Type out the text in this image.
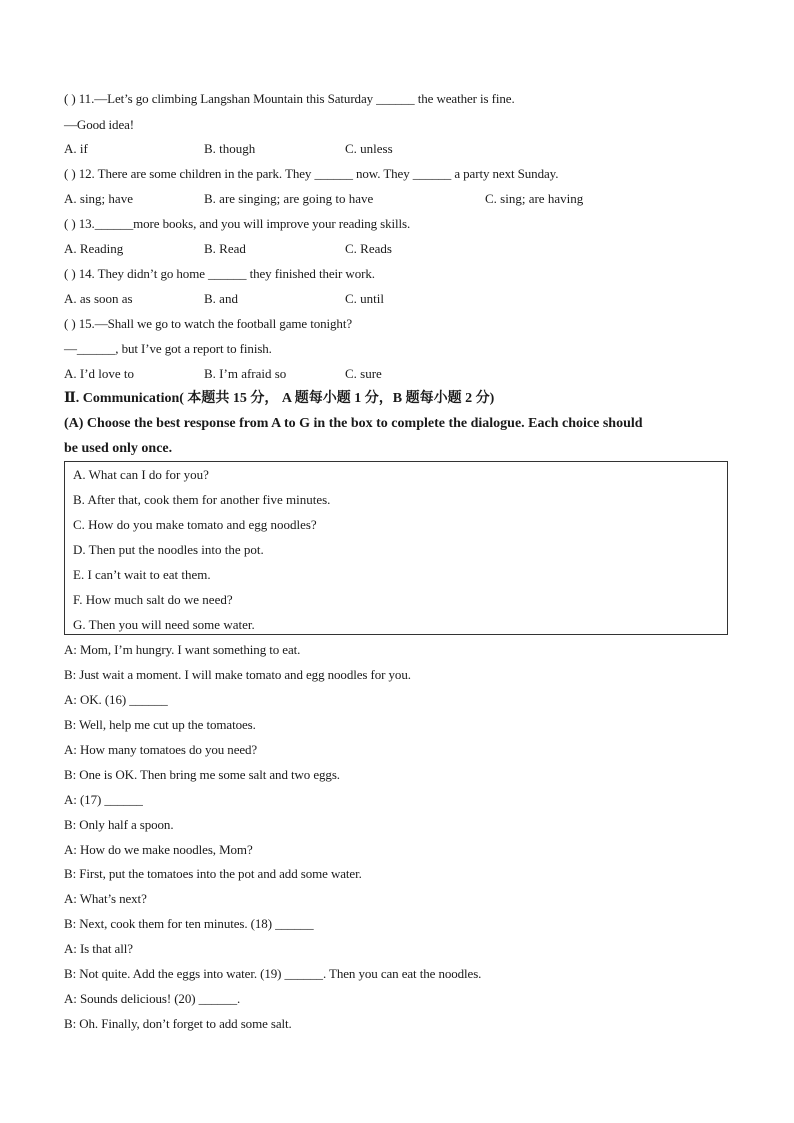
( ) 11.—Let’s go climbing Langshan Mountain this Saturday ______ the weather is fine.
—Good idea!
A. if	B. though	C. unless
( ) 12. There are some children in the park. They ______ now. They ______ a party next Sunday.
A. sing; have	B. are singing; are going to have	C. sing; are having
( ) 13.______more books, and you will improve your reading skills.
A. Reading	B. Read	C. Reads
( ) 14. They didn’t go home ______ they finished their work.
A. as soon as	B. and	C. until
( ) 15.—Shall we go to watch the football game tonight?
—______, but I’ve got a report to finish.
A. I’d love to	B. I’m afraid so	C. sure
Ⅱ. Communication( 本题共 15 分， A 题每小题 1 分，B 题每小题 2 分)
(A) Choose the best response from A to G in the box to complete the dialogue. Each choice should
be used only once.
A. What can I do for you?
B. After that, cook them for another five minutes.
C. How do you make tomato and egg noodles?
D. Then put the noodles into the pot.
E. I can’t wait to eat them.
F. How much salt do we need?
G. Then you will need some water.
A: Mom, I’m hungry. I want something to eat.
B: Just wait a moment. I will make tomato and egg noodles for you.
A: OK. (16) ______
B: Well, help me cut up the tomatoes.
A: How many tomatoes do you need?
B: One is OK. Then bring me some salt and two eggs.
A: (17) ______
B: Only half a spoon.
A: How do we make noodles, Mom?
B: First, put the tomatoes into the pot and add some water.
A: What’s next?
B: Next, cook them for ten minutes. (18) ______
A: Is that all?
B: Not quite. Add the eggs into water. (19) ______. Then you can eat the noodles.
A: Sounds delicious! (20) ______.
B: Oh. Finally, don’t forget to add some salt.
